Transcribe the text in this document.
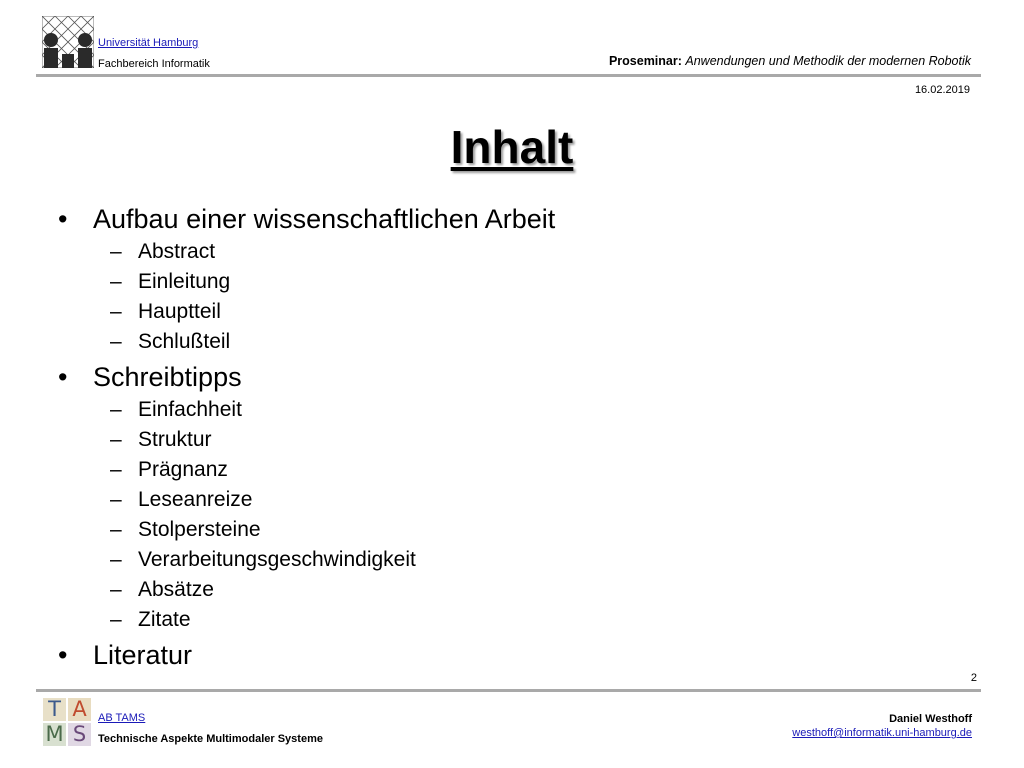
Universität Hamburg
Fachbereich Informatik	Proseminar: Anwendungen und Methodik der modernen Robotik
16.02.2019
Inhalt
• Aufbau einer wissenschaftlichen Arbeit
– Abstract
– Einleitung
– Hauptteil
– Schlußteil
• Schreibtipps
– Einfachheit
– Struktur
– Prägnanz
– Leseanreize
– Stolpersteine
– Verarbeitungsgeschwindigkeit
– Absätze
– Zitate
• Literatur
2
T A
M S
AB TAMS
Technische Aspekte Multimodaler Systeme
Daniel Westhoff
westhoff@informatik.uni-hamburg.de
